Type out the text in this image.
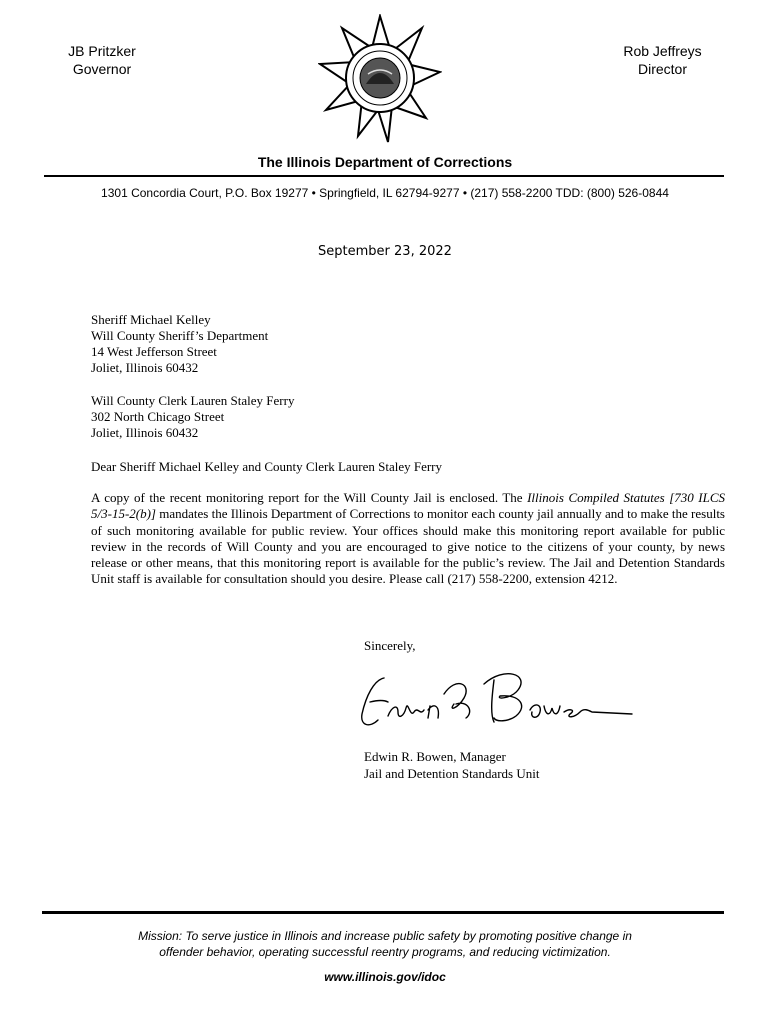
JB Pritzker
Governor
Rob Jeffreys
Director
The Illinois Department of Corrections
1301 Concordia Court, P.O. Box 19277 • Springfield, IL 62794-9277 • (217) 558-2200 TDD: (800) 526-0844
September 23, 2022
Sheriff Michael Kelley
Will County Sheriff’s Department
14 West Jefferson Street
Joliet, Illinois 60432
Will County Clerk Lauren Staley Ferry
302 North Chicago Street
Joliet, Illinois 60432
Dear Sheriff Michael Kelley and County Clerk Lauren Staley Ferry
A copy of the recent monitoring report for the Will County Jail is enclosed. The Illinois Compiled Statutes [730 ILCS 5/3-15-2(b)] mandates the Illinois Department of Corrections to monitor each county jail annually and to make the results of such monitoring available for public review. Your offices should make this monitoring report available for public review in the records of Will County and you are encouraged to give notice to the citizens of your county, by news release or other means, that this monitoring report is available for the public’s review. The Jail and Detention Standards Unit staff is available for consultation should you desire. Please call (217) 558-2200, extension 4212.
Sincerely,
Edwin R. Bowen, Manager
Jail and Detention Standards Unit
Mission: To serve justice in Illinois and increase public safety by promoting positive change in
offender behavior, operating successful reentry programs, and reducing victimization.
www.illinois.gov/idoc
